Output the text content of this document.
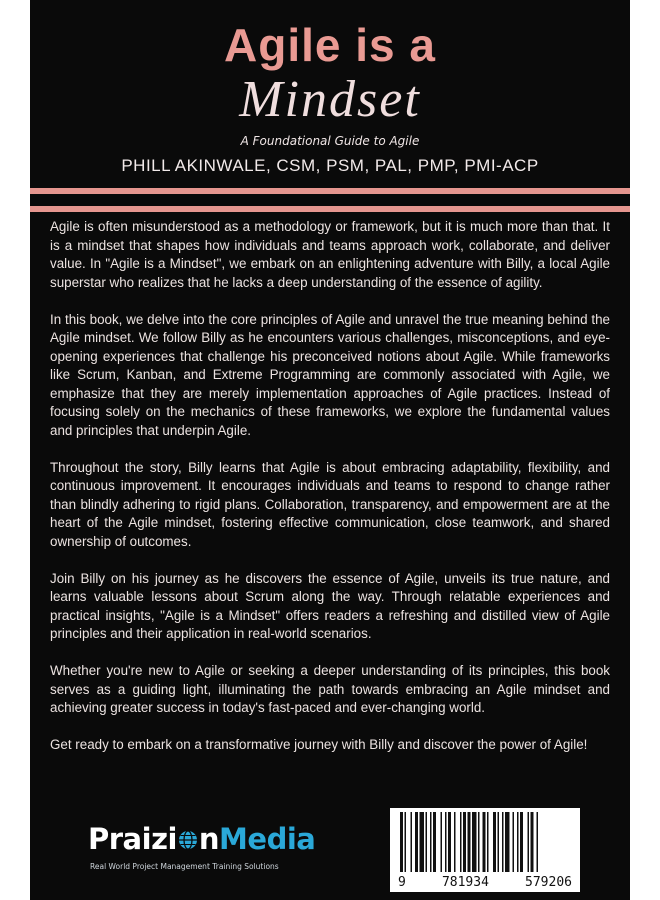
Agile is a
Mindset
A Foundational Guide to Agile
PHILL AKINWALE, CSM, PSM, PAL, PMP, PMI-ACP

Agile is often misunderstood as a methodology or framework, but it is much more than that. It is a mindset that shapes how individuals and teams approach work, collaborate, and deliver value. In "Agile is a Mindset", we embark on an enlightening adventure with Billy, a local Agile superstar who realizes that he lacks a deep understanding of the essence of agility.

In this book, we delve into the core principles of Agile and unravel the true meaning behind the Agile mindset. We follow Billy as he encounters various challenges, misconceptions, and eye-opening experiences that challenge his preconceived notions about Agile. While frameworks like Scrum, Kanban, and Extreme Programming are commonly associated with Agile, we emphasize that they are merely implementation approaches of Agile practices. Instead of focusing solely on the mechanics of these frameworks, we explore the fundamental values and principles that underpin Agile.

Throughout the story, Billy learns that Agile is about embracing adaptability, flexibility, and continuous improvement. It encourages individuals and teams to respond to change rather than blindly adhering to rigid plans. Collaboration, transparency, and empowerment are at the heart of the Agile mindset, fostering effective communication, close teamwork, and shared ownership of outcomes.

Join Billy on his journey as he discovers the essence of Agile, unveils its true nature, and learns valuable lessons about Scrum along the way. Through relatable experiences and practical insights, "Agile is a Mindset" offers readers a refreshing and distilled view of Agile principles and their application in real-world scenarios.

Whether you're new to Agile or seeking a deeper understanding of its principles, this book serves as a guiding light, illuminating the path towards embracing an Agile mindset and achieving greater success in today's fast-paced and ever-changing world.

Get ready to embark on a transformative journey with Billy and discover the power of Agile!

Praizi nMedia
Real World Project Management Training Solutions
9	781934	579206
